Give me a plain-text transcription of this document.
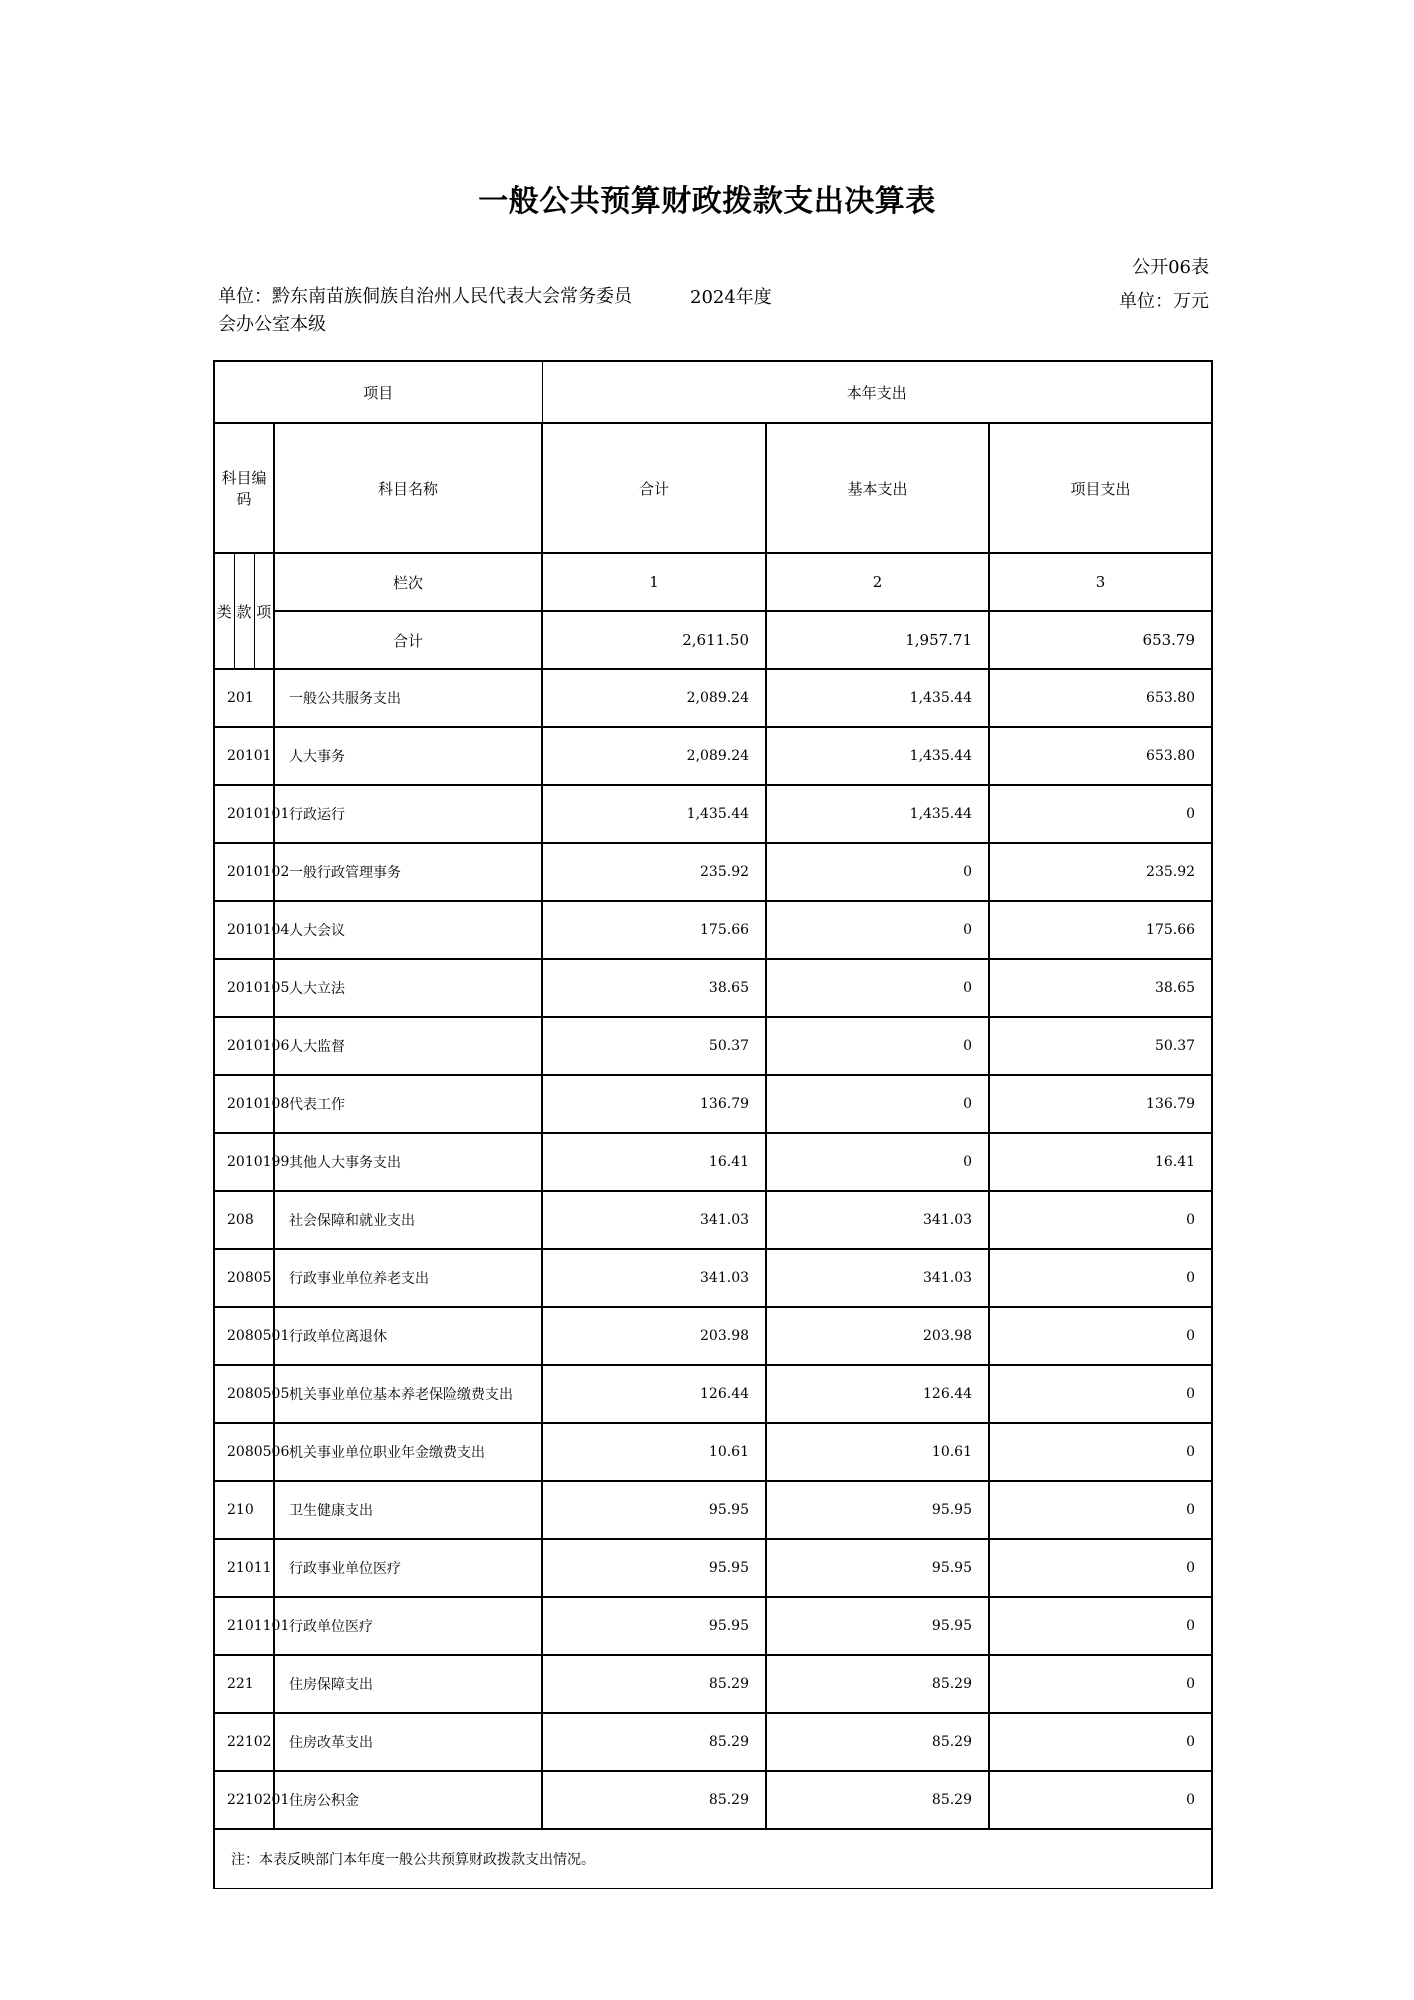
一般公共预算财政拨款支出决算表
公开06表
单位：万元
单位：黔东南苗族侗族自治州人民代表大会常务委员会办公室本级
2024年度
项目				本年支出		
科目编码			科目名称	合计	基本支出	项目支出
类	款	项	栏次	1	2	3
			合计	2,611.50	1,957.71	653.79
201			一般公共服务支出	2,089.24	1,435.44	653.80
20101			人大事务	2,089.24	1,435.44	653.80
2010101			行政运行	1,435.44	1,435.44	0
2010102			一般行政管理事务	235.92	0	235.92
2010104			人大会议	175.66	0	175.66
2010105			人大立法	38.65	0	38.65
2010106			人大监督	50.37	0	50.37
2010108			代表工作	136.79	0	136.79
2010199			其他人大事务支出	16.41	0	16.41
208			社会保障和就业支出	341.03	341.03	0
20805			行政事业单位养老支出	341.03	341.03	0
2080501			行政单位离退休	203.98	203.98	0
2080505			机关事业单位基本养老保险缴费支出	126.44	126.44	0
2080506			机关事业单位职业年金缴费支出	10.61	10.61	0
210			卫生健康支出	95.95	95.95	0
21011			行政事业单位医疗	95.95	95.95	0
2101101			行政单位医疗	95.95	95.95	0
221			住房保障支出	85.29	85.29	0
22102			住房改革支出	85.29	85.29	0
2210201			住房公积金	85.29	85.29	0
注：本表反映部门本年度一般公共预算财政拨款支出情况。						
